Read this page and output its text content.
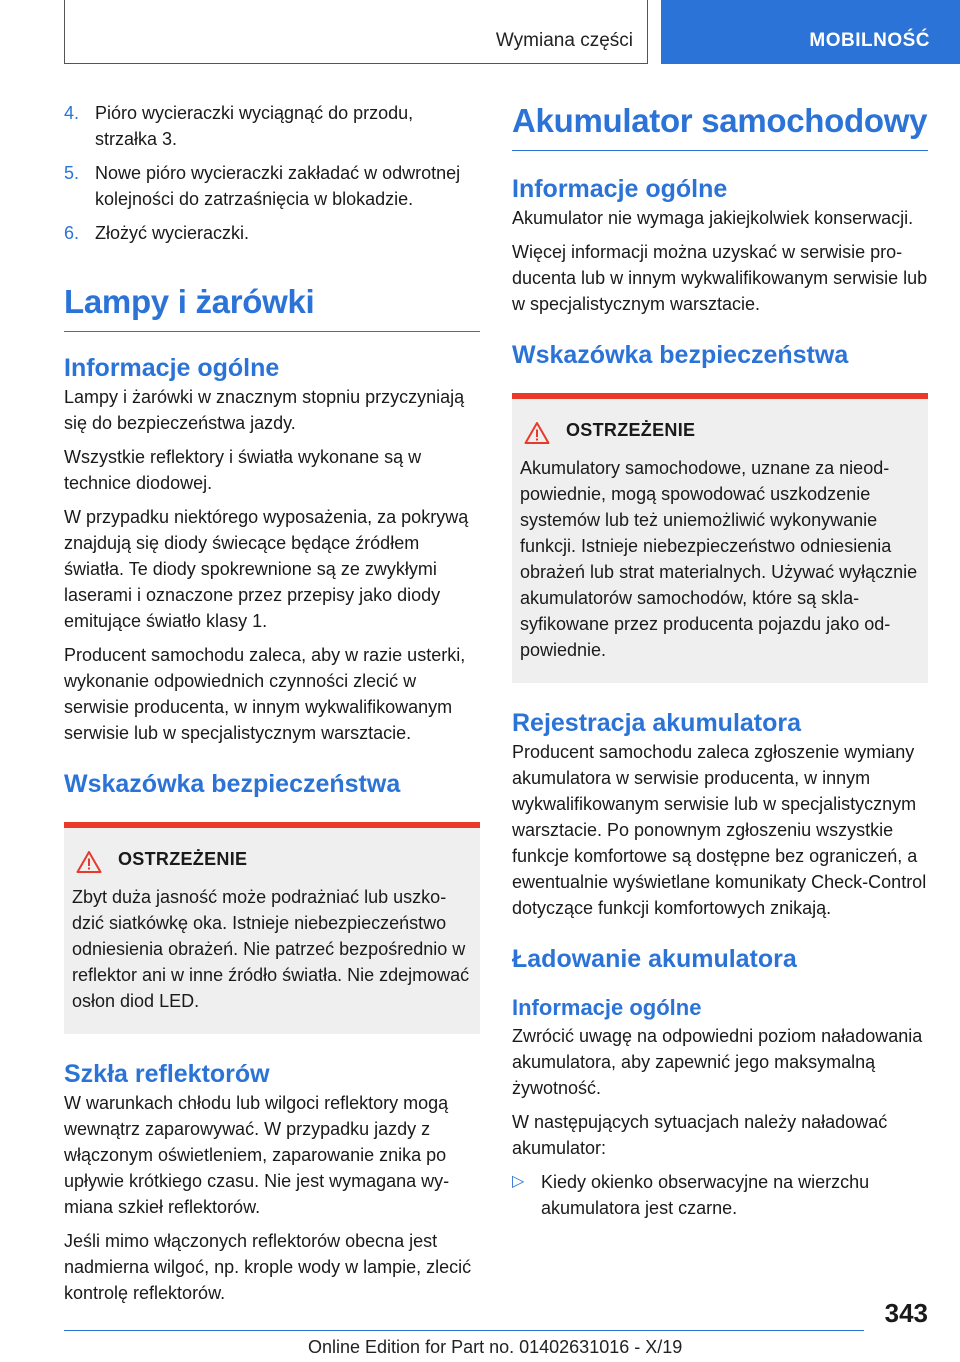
Wymiana części	MOBILNOŚĆ
4. Pióro wycieraczki wyciągnąć do przodu, strzałka 3.
5. Nowe pióro wycieraczki zakładać w odwrotnej kolejności do zatrzaśnięcia w blokadzie.
6. Złożyć wycieraczki.
Lampy i żarówki
Informacje ogólne

Lampy i żarówki w znacznym stopniu przyczyniają się do bezpieczeństwa jazdy.

Wszystkie reflektory i światła wykonane są w technice diodowej.

W przypadku niektórego wyposażenia, za pokrywą znajdują się diody świecące będące źródłem światła. Te diody spokrewnione są ze zwykłymi laserami i oznaczone przez przepisy jako diody emitujące światło klasy 1.

Producent samochodu zaleca, aby w razie usterki, wykonanie odpowiednich czynności zlecić w serwisie producenta, w innym wykwalifikowanym serwisie lub w specjalistycznym warsztacie.

Wskazówka bezpieczeństwa
OSTRZEŻENIE

Zbyt duża jasność może podrażniać lub uszkodzić siatkówkę oka. Istnieje niebezpieczeństwo odniesienia obrażeń. Nie patrzeć bezpośrednio w reflektor ani w inne źródło światła. Nie zdejmować osłon diod LED.

Szkła reflektorów

W warunkach chłodu lub wilgoci reflektory mogą wewnątrz zaparowywać. W przypadku jazdy z włączonym oświetleniem, zaparowanie znika po upływie krótkiego czasu. Nie jest wymagana wymiana szkieł reflektorów.

Jeśli mimo włączonych reflektorów obecna jest nadmierna wilgoć, np. krople wody w lampie, zlecić kontrolę reflektorów.

Akumulator samochodowy
Informacje ogólne

Akumulator nie wymaga jakiejkolwiek konserwacji.

Więcej informacji można uzyskać w serwisie producenta lub w innym wykwalifikowanym serwisie lub w specjalistycznym warsztacie.

Wskazówka bezpieczeństwa
OSTRZEŻENIE

Akumulatory samochodowe, uznane za nieodpowiednie, mogą spowodować uszkodzenie systemów lub też uniemożliwić wykonywanie funkcji. Istnieje niebezpieczeństwo odniesienia obrażeń lub strat materialnych. Używać wyłącznie akumulatorów samochodów, które są sklasyfikowane przez producenta pojazdu jako odpowiednie.

Rejestracja akumulatora

Producent samochodu zaleca zgłoszenie wymiany akumulatora w serwisie producenta, w innym wykwalifikowanym serwisie lub w specjalistycznym warsztacie. Po ponownym zgłoszeniu wszystkie funkcje komfortowe są dostępne bez ograniczeń, a ewentualnie wyświetlane komunikaty Check-Control dotyczące funkcji komfortowych znikają.

Ładowanie akumulatora
Informacje ogólne

Zwrócić uwagę na odpowiedni poziom naładowania akumulatora, aby zapewnić jego maksymalną żywotność.

W następujących sytuacjach należy naładować akumulator:

▷ Kiedy okienko obserwacyjne na wierzchu akumulatora jest czarne.
343
Online Edition for Part no. 01402631016 - X/19
